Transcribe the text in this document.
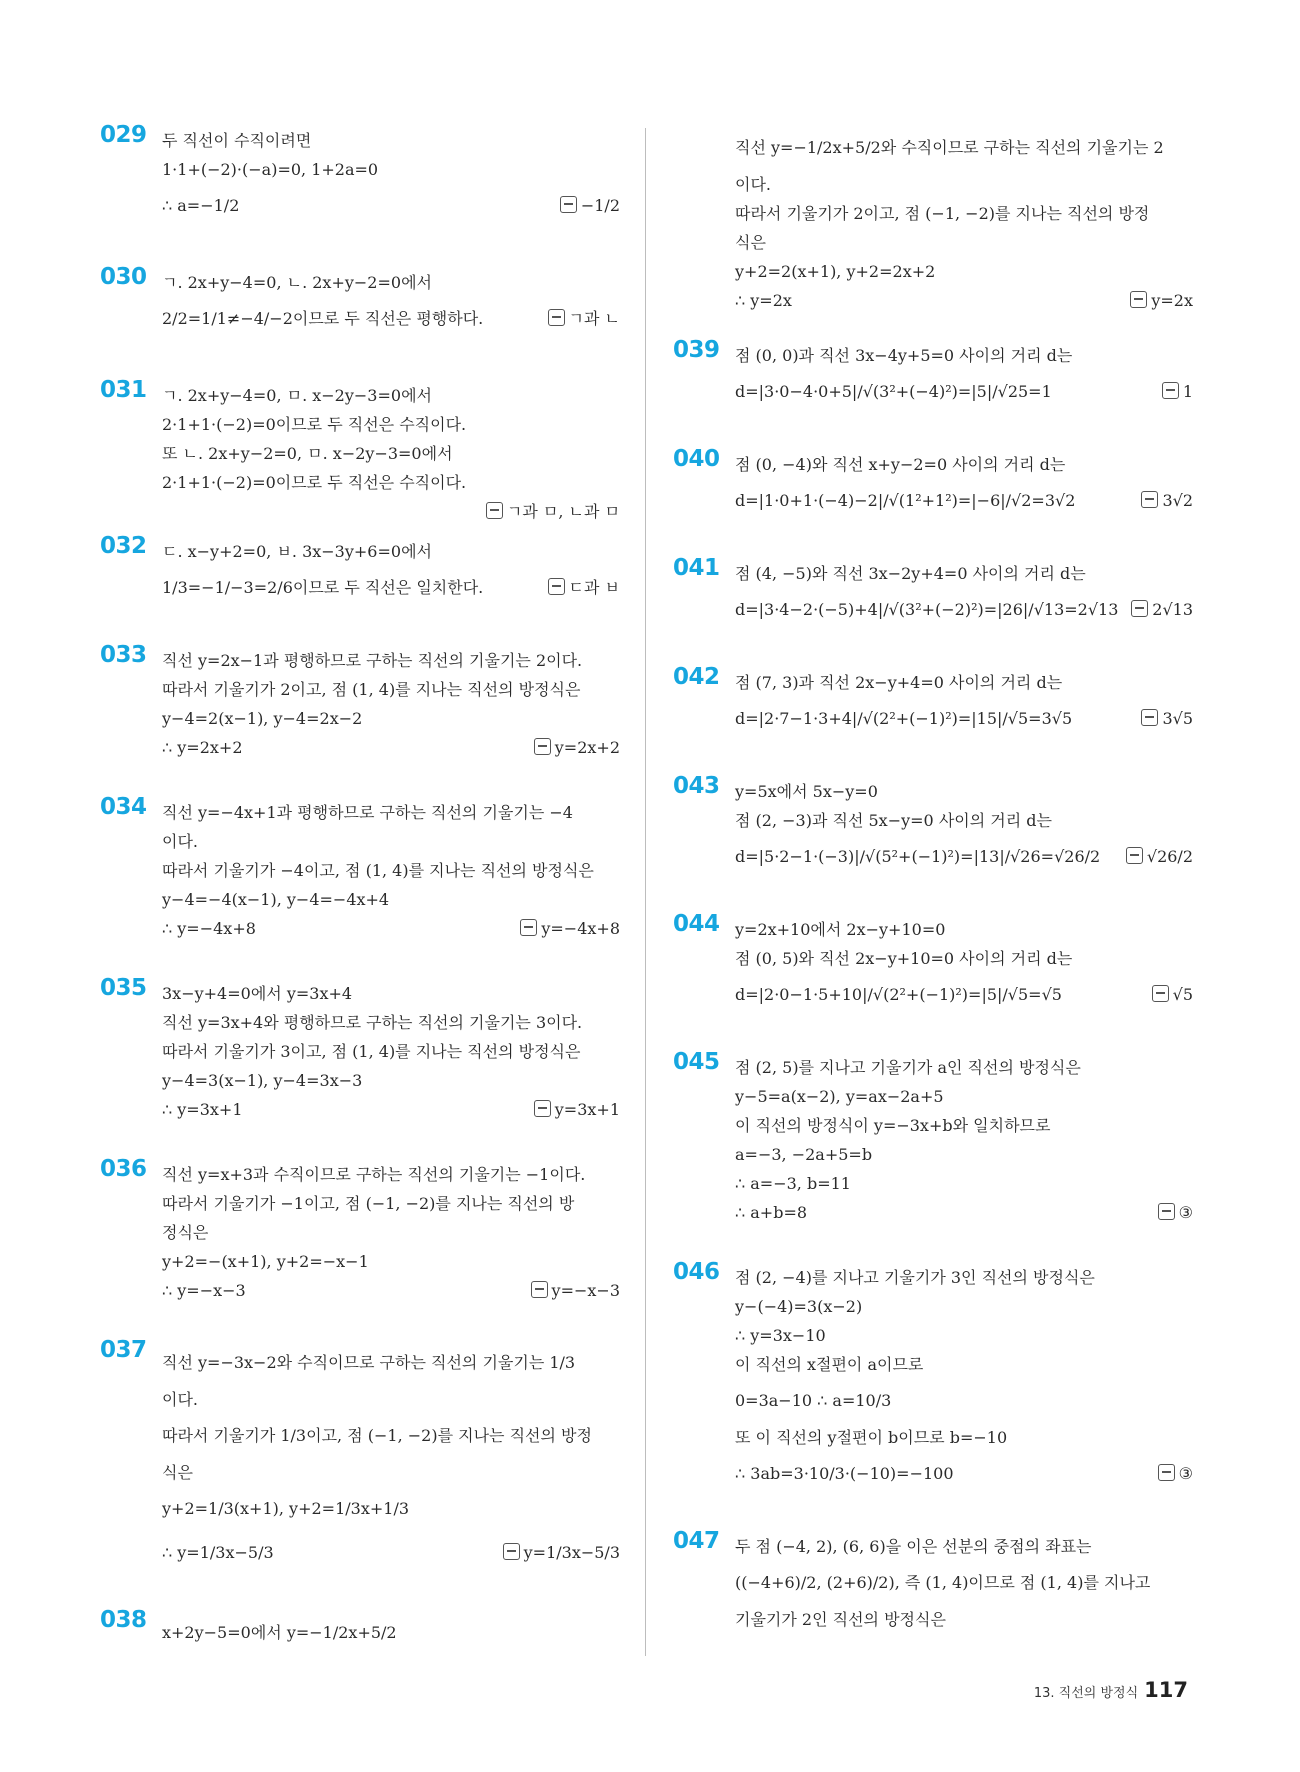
029 두 직선이 수직이려면
1·1+(−2)·(−a)=0, 1+2a=0
∴ a=−1/2	−1/2
030 ㄱ. 2x+y−4=0, ㄴ. 2x+y−2=0에서
2/2=1/1≠−4/−2이므로 두 직선은 평행하다.	ㄱ과 ㄴ
031 ㄱ. 2x+y−4=0, ㅁ. x−2y−3=0에서
2·1+1·(−2)=0이므로 두 직선은 수직이다.
또 ㄴ. 2x+y−2=0, ㅁ. x−2y−3=0에서
2·1+1·(−2)=0이므로 두 직선은 수직이다.
ㄱ과 ㅁ, ㄴ과 ㅁ
032 ㄷ. x−y+2=0, ㅂ. 3x−3y+6=0에서
1/3=−1/−3=2/6이므로 두 직선은 일치한다.	ㄷ과 ㅂ
033 직선 y=2x−1과 평행하므로 구하는 직선의 기울기는 2이다.
따라서 기울기가 2이고, 점 (1, 4)를 지나는 직선의 방정식은
y−4=2(x−1), y−4=2x−2
∴ y=2x+2	y=2x+2
034 직선 y=−4x+1과 평행하므로 구하는 직선의 기울기는 −4
이다.
따라서 기울기가 −4이고, 점 (1, 4)를 지나는 직선의 방정식은
y−4=−4(x−1), y−4=−4x+4
∴ y=−4x+8	y=−4x+8
035 3x−y+4=0에서 y=3x+4
직선 y=3x+4와 평행하므로 구하는 직선의 기울기는 3이다.
따라서 기울기가 3이고, 점 (1, 4)를 지나는 직선의 방정식은
y−4=3(x−1), y−4=3x−3
∴ y=3x+1	y=3x+1
036 직선 y=x+3과 수직이므로 구하는 직선의 기울기는 −1이다.
따라서 기울기가 −1이고, 점 (−1, −2)를 지나는 직선의 방
정식은
y+2=−(x+1), y+2=−x−1
∴ y=−x−3	y=−x−3
037 직선 y=−3x−2와 수직이므로 구하는 직선의 기울기는 1/3
이다.
따라서 기울기가 1/3이고, 점 (−1, −2)를 지나는 직선의 방정
식은
y+2=1/3(x+1), y+2=1/3x+1/3
∴ y=1/3x−5/3	y=1/3x−5/3
038 x+2y−5=0에서 y=−1/2x+5/2
직선 y=−1/2x+5/2와 수직이므로 구하는 직선의 기울기는 2
이다.
따라서 기울기가 2이고, 점 (−1, −2)를 지나는 직선의 방정
식은
y+2=2(x+1), y+2=2x+2
∴ y=2x	y=2x
039 점 (0, 0)과 직선 3x−4y+5=0 사이의 거리 d는
d=|3·0−4·0+5|/√(3²+(−4)²)=|5|/√25=1	1
040 점 (0, −4)와 직선 x+y−2=0 사이의 거리 d는
d=|1·0+1·(−4)−2|/√(1²+1²)=|−6|/√2=3√2	3√2
041 점 (4, −5)와 직선 3x−2y+4=0 사이의 거리 d는
d=|3·4−2·(−5)+4|/√(3²+(−2)²)=|26|/√13=2√13	2√13
042 점 (7, 3)과 직선 2x−y+4=0 사이의 거리 d는
d=|2·7−1·3+4|/√(2²+(−1)²)=|15|/√5=3√5	3√5
043 y=5x에서 5x−y=0
점 (2, −3)과 직선 5x−y=0 사이의 거리 d는
d=|5·2−1·(−3)|/√(5²+(−1)²)=|13|/√26=√26/2	√26/2
044 y=2x+10에서 2x−y+10=0
점 (0, 5)와 직선 2x−y+10=0 사이의 거리 d는
d=|2·0−1·5+10|/√(2²+(−1)²)=|5|/√5=√5	√5
045 점 (2, 5)를 지나고 기울기가 a인 직선의 방정식은
y−5=a(x−2), y=ax−2a+5
이 직선의 방정식이 y=−3x+b와 일치하므로
a=−3, −2a+5=b
∴ a=−3, b=11
∴ a+b=8	③
046 점 (2, −4)를 지나고 기울기가 3인 직선의 방정식은
y−(−4)=3(x−2)
∴ y=3x−10
이 직선의 x절편이 a이므로
0=3a−10 ∴ a=10/3
또 이 직선의 y절편이 b이므로 b=−10
∴ 3ab=3·10/3·(−10)=−100	③
047 두 점 (−4, 2), (6, 6)을 이은 선분의 중점의 좌표는
((−4+6)/2, (2+6)/2), 즉 (1, 4)이므로 점 (1, 4)를 지나고
기울기가 2인 직선의 방정식은
13. 직선의 방정식 117
